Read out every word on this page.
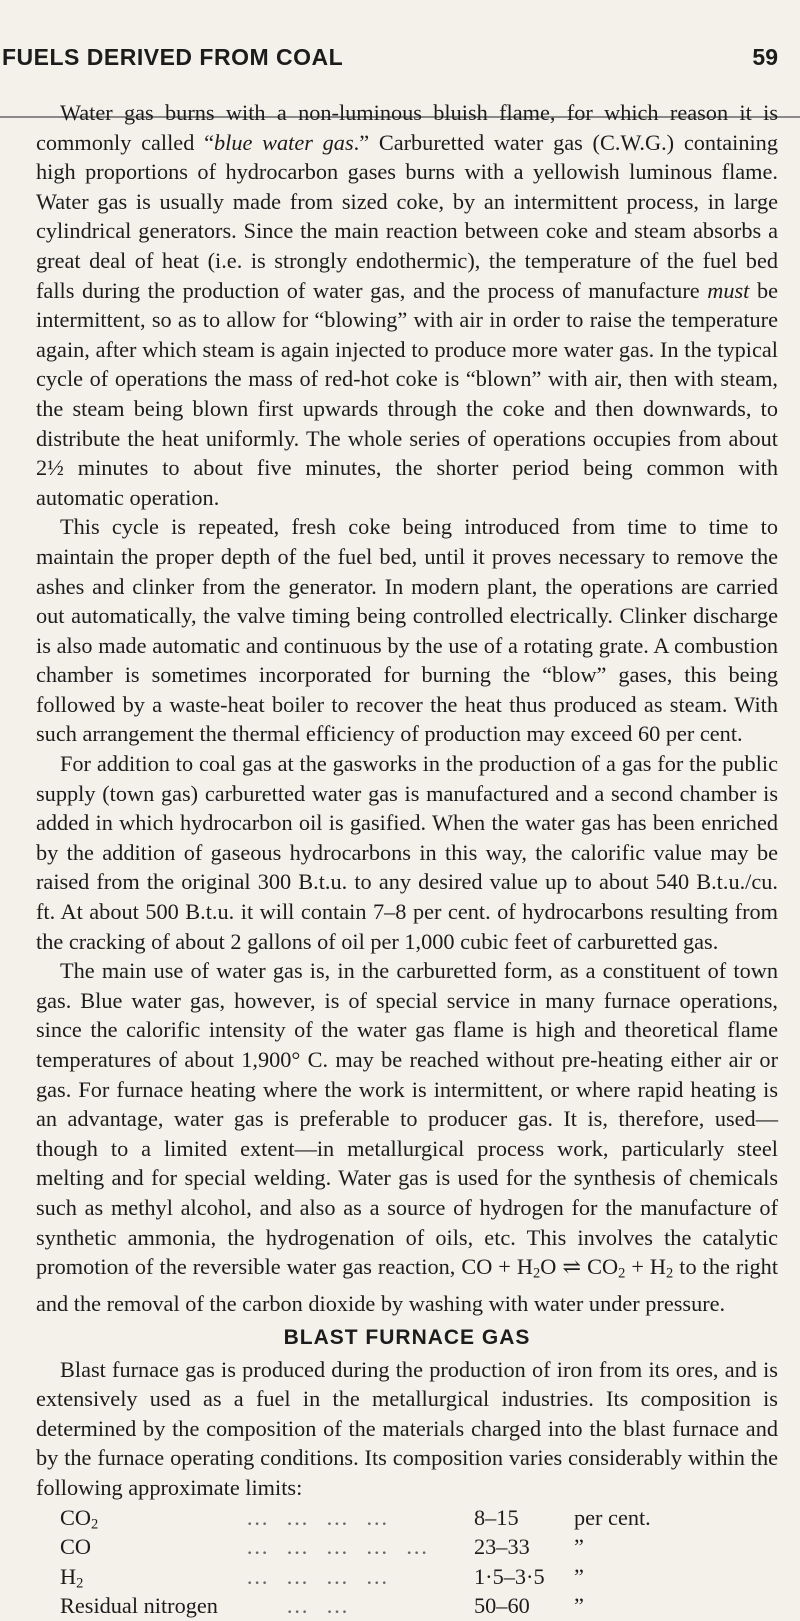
FUELS DERIVED FROM COAL	59

Water gas burns with a non-luminous bluish flame, for which reason it is commonly called “blue water gas.” Carburetted water gas (C.W.G.) containing high proportions of hydrocarbon gases burns with a yellowish luminous flame. Water gas is usually made from sized coke, by an intermittent process, in large cylindrical generators. Since the main reaction between coke and steam absorbs a great deal of heat (i.e. is strongly endothermic), the temperature of the fuel bed falls during the production of water gas, and the process of manufacture must be intermittent, so as to allow for “blowing” with air in order to raise the temperature again, after which steam is again injected to produce more water gas. In the typical cycle of operations the mass of red-hot coke is “blown” with air, then with steam, the steam being blown first upwards through the coke and then downwards, to distribute the heat uniformly. The whole series of operations occupies from about 2½ minutes to about five minutes, the shorter period being common with automatic operation.

This cycle is repeated, fresh coke being introduced from time to time to maintain the proper depth of the fuel bed, until it proves necessary to remove the ashes and clinker from the generator. In modern plant, the operations are carried out automatically, the valve timing being controlled electrically. Clinker discharge is also made automatic and continuous by the use of a rotating grate. A combustion chamber is sometimes incorporated for burning the “blow” gases, this being followed by a waste-heat boiler to recover the heat thus produced as steam. With such arrangement the thermal efficiency of production may exceed 60 per cent.

For addition to coal gas at the gasworks in the production of a gas for the public supply (town gas) carburetted water gas is manufactured and a second chamber is added in which hydrocarbon oil is gasified. When the water gas has been enriched by the addition of gaseous hydrocarbons in this way, the calorific value may be raised from the original 300 B.t.u. to any desired value up to about 540 B.t.u./cu. ft. At about 500 B.t.u. it will contain 7–8 per cent. of hydrocarbons resulting from the cracking of about 2 gallons of oil per 1,000 cubic feet of carburetted gas.

The main use of water gas is, in the carburetted form, as a constituent of town gas. Blue water gas, however, is of special service in many furnace operations, since the calorific intensity of the water gas flame is high and theoretical flame temperatures of about 1,900° C. may be reached without pre-heating either air or gas. For furnace heating where the work is intermittent, or where rapid heating is an advantage, water gas is preferable to producer gas. It is, therefore, used—though to a limited extent—in metallurgical process work, particularly steel melting and for special welding. Water gas is used for the synthesis of chemicals such as methyl alcohol, and also as a source of hydrogen for the manufacture of synthetic ammonia, the hydrogenation of oils, etc. This involves the catalytic promotion of the reversible water gas reaction, CO + $H_2O$ ⇌ $CO_2 + H_2$ to the right and the removal of the carbon dioxide by washing with water under pressure.

BLAST FURNACE GAS

Blast furnace gas is produced during the production of iron from its ores, and is extensively used as a fuel in the metallurgical industries. Its composition is determined by the composition of the materials charged into the blast furnace and by the furnace operating conditions. Its composition varies considerably within the following approximate limits:

$CO_2$	… … … …	8–15 per cent.
CO	… … … … … 23–33 ”
$H_2$	… … … …	1·5–3·5 ”
Residual nitrogen	… …	50–60 ”
